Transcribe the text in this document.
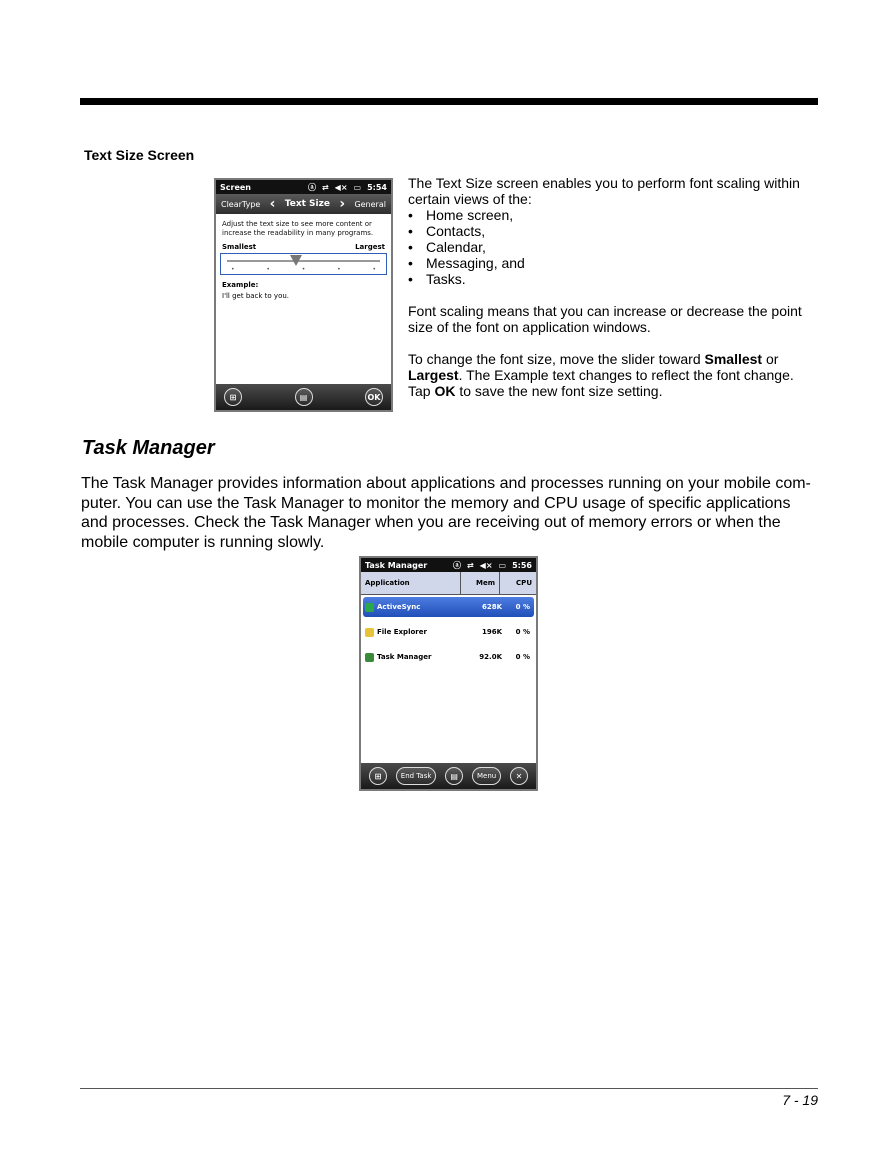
Text Size Screen
Screen	ⓐ ⇄ ◀× ▭ 5:54
ClearType ‹ Text Size › General
Adjust the text size to see more content or increase the readability in many programs.
Smallest	Largest
•	•	•	•	•
Example:
I'll get back to you.
⊞	▤	OK

The Text Size screen enables you to perform font scaling within certain views of the:

• Home screen,
• Contacts,
• Calendar,
• Messaging, and
• Tasks.

Font scaling means that you can increase or decrease the point size of the font on application windows.

To change the font size, move the slider toward Smallest or Largest. The Example text changes to reflect the font change. Tap OK to save the new font size setting.

Task Manager
The Task Manager provides information about applications and processes running on your mobile com-puter. You can use the Task Manager to monitor the memory and CPU usage of specific applications and processes. Check the Task Manager when you are receiving out of memory errors or when the mobile computer is running slowly.
Task Manager	ⓐ ⇄ ◀× ▭ 5:56
Application	Mem	CPU
ActiveSync	628K	0 %
File Explorer	196K	0 %
Task Manager	92.0K	0 %
⊞	End Task	▤	Menu	✕
7 - 19
